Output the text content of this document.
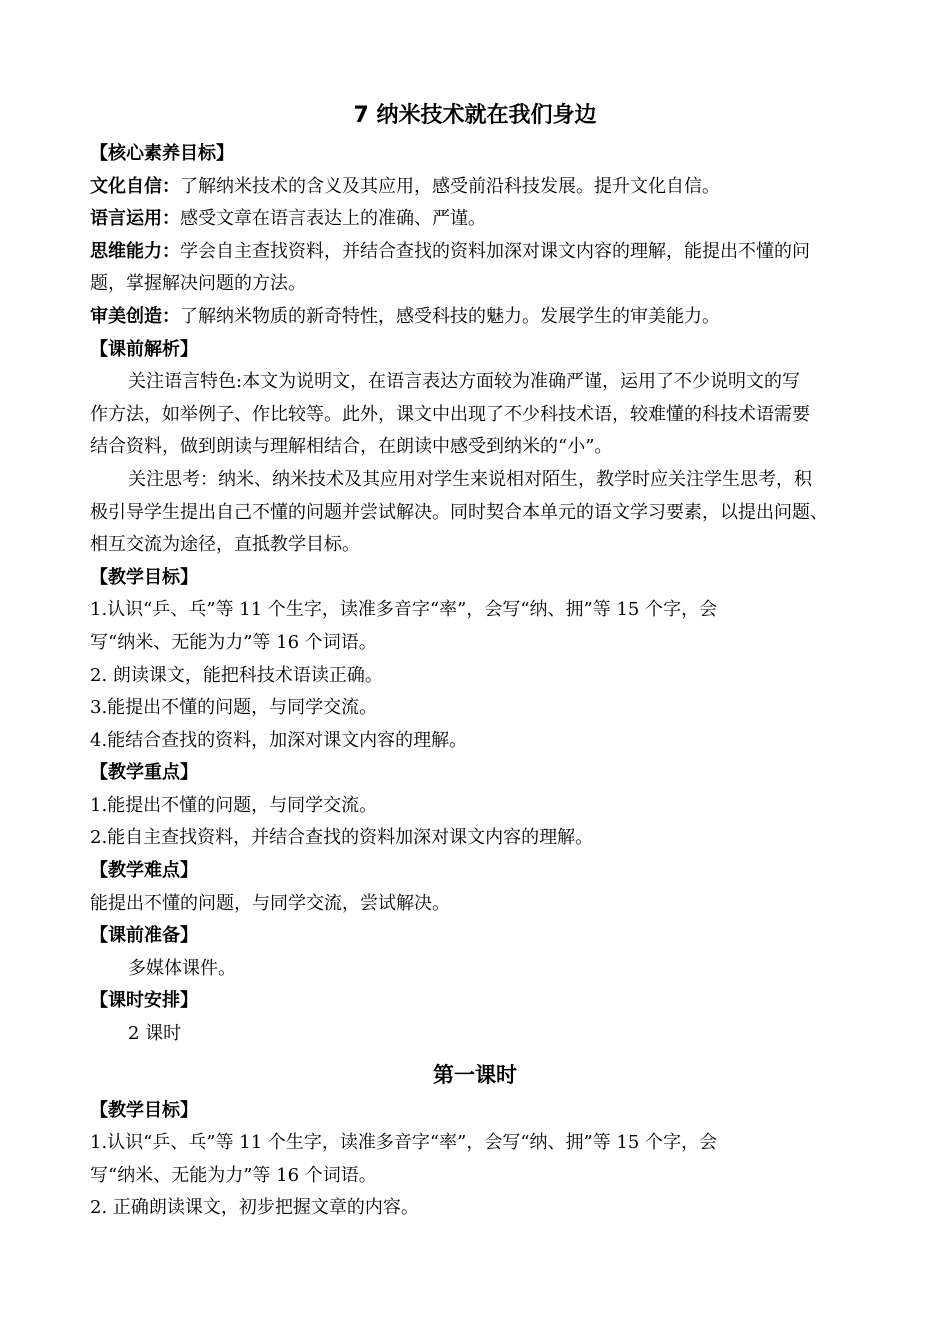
7 纳米技术就在我们身边
【核心素养目标】
文化自信：了解纳米技术的含义及其应用，感受前沿科技发展。提升文化自信。
语言运用：感受文章在语言表达上的准确、严谨。
思维能力：学会自主查找资料，并结合查找的资料加深对课文内容的理解，能提出不懂的问
题，掌握解决问题的方法。
审美创造：了解纳米物质的新奇特性，感受科技的魅力。发展学生的审美能力。
【课前解析】
关注语言特色:本文为说明文，在语言表达方面较为准确严谨，运用了不少说明文的写
作方法，如举例子、作比较等。此外，课文中出现了不少科技术语，较难懂的科技术语需要
结合资料，做到朗读与理解相结合，在朗读中感受到纳米的“小”。
关注思考：纳米、纳米技术及其应用对学生来说相对陌生，教学时应关注学生思考，积
极引导学生提出自己不懂的问题并尝试解决。同时契合本单元的语文学习要素，以提出问题、
相互交流为途径，直抵教学目标。
【教学目标】
1.认识“乒、乓”等 11 个生字，读准多音字“率”，会写“纳、拥”等 15 个字，会
写“纳米、无能为力”等 16 个词语。
2. 朗读课文，能把科技术语读正确。
3.能提出不懂的问题，与同学交流。
4.能结合查找的资料，加深对课文内容的理解。
【教学重点】
1.能提出不懂的问题，与同学交流。
2.能自主查找资料，并结合查找的资料加深对课文内容的理解。
【教学难点】
能提出不懂的问题，与同学交流，尝试解决。
【课前准备】
多媒体课件。
【课时安排】
2 课时
第一课时
【教学目标】
1.认识“乒、乓”等 11 个生字，读准多音字“率”，会写“纳、拥”等 15 个字，会
写“纳米、无能为力”等 16 个词语。
2. 正确朗读课文，初步把握文章的内容。
